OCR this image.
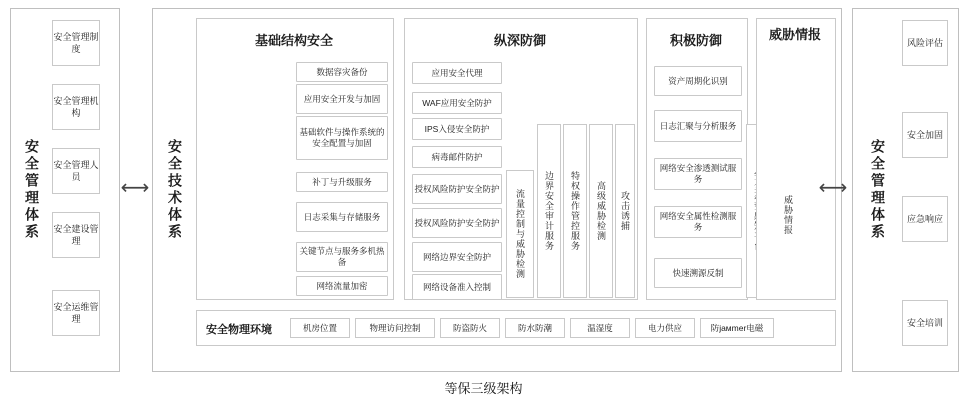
安全管理体系
安全管理制度
安全管理机构
安全管理人员
安全建设管理
安全运维管理
⟷ 安全技术体系
基础结构安全
数据容灾备份
应用安全开发与加固
基础软件与操作系统的安全配置与加固
补丁与升级服务
日志采集与存储服务
关键节点与服务多机热备
网络流量加密
纵深防御
应用安全代理
WAF应用安全防护
IPS入侵安全防护
病毒邮件防护
授权风险防护安全防护
授权风险防护安全防护
网络边界安全防护
网络设备准入控制
流量控制与威胁检测 边界安全审计服务 特权操作管控服务 高级威胁检测 攻击诱捕
积极防御
资产周期化识别
日志汇聚与分析服务
网络安全渗透测试服务
网络安全属性检测服务
快速溯源反制
威胁情报
威胁情报
安全物理环境	机房位置	物理访问控制	防盗防火	防水防潮	温湿度	电力供应	防јамmer电磁
⟷ 安全管理体系
风险评估
安全加固
应急响应
安全培训
等保三级架构
